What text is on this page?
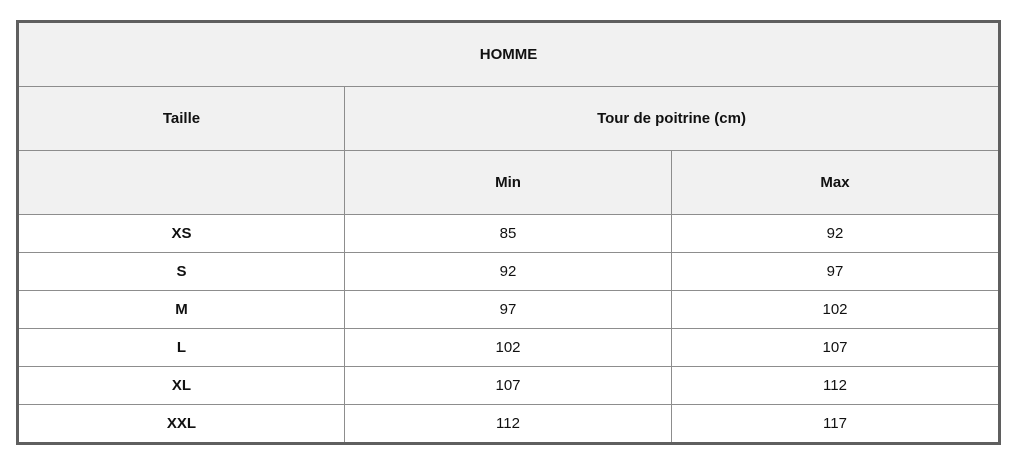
HOMME		
Taille	Tour de poitrine (cm)	
	Min	Max
XS	85	92
S	92	97
M	97	102
L	102	107
XL	107	112
XXL	112	117
